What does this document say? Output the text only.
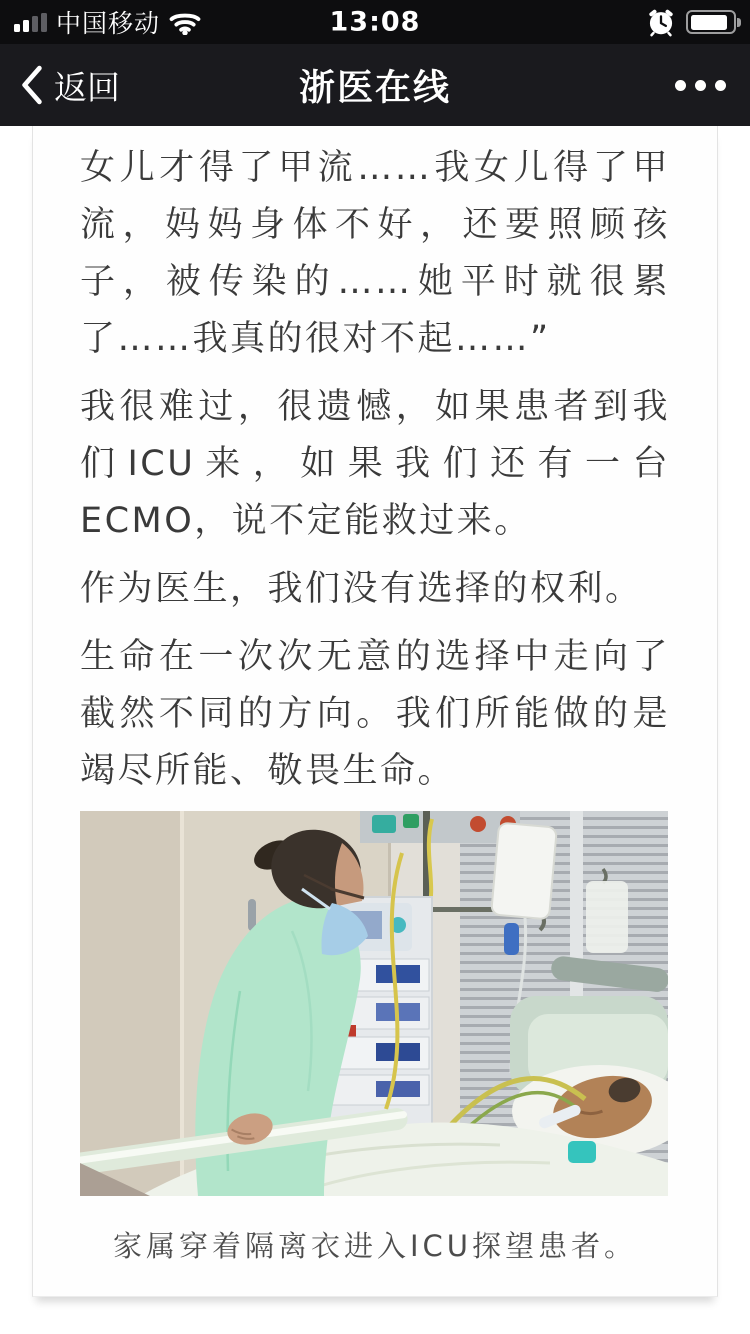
中国移动	13:08
返回	浙医在线

女儿才得了甲流……我女儿得了甲流，妈妈身体不好，还要照顾孩子，被传染的……她平时就很累了……我真的很对不起……”

我很难过，很遗憾，如果患者到我们ICU来，如果我们还有一台ECMO，说不定能救过来。

作为医生，我们没有选择的权利。

生命在一次次无意的选择中走向了截然不同的方向。我们所能做的是竭尽所能、敬畏生命。

家属穿着隔离衣进入ICU探望患者。
